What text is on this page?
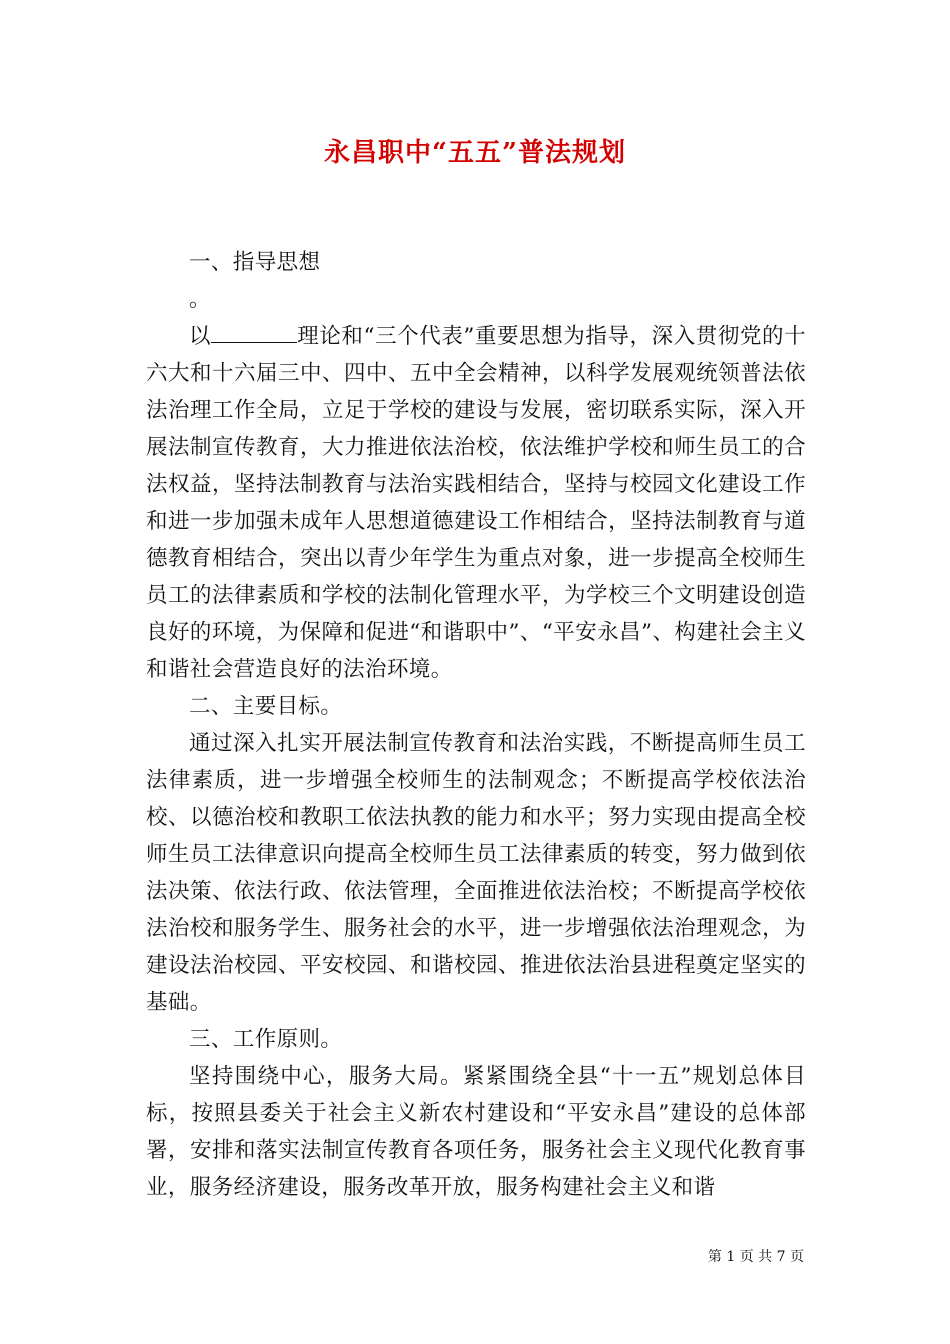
永昌职中“五五”普法规划

一、指导思想

。

以	理论和“三个代表”重要思想为指导，深入贯彻党的十六大和十六届三中、四中、五中全会精神，以科学发展观统领普法依法治理工作全局，立足于学校的建设与发展，密切联系实际，深入开展法制宣传教育，大力推进依法治校，依法维护学校和师生员工的合法权益，坚持法制教育与法治实践相结合，坚持与校园文化建设工作和进一步加强未成年人思想道德建设工作相结合，坚持法制教育与道德教育相结合，突出以青少年学生为重点对象，进一步提高全校师生员工的法律素质和学校的法制化管理水平，为学校三个文明建设创造良好的环境，为保障和促进“和谐职中”、“平安永昌”、构建社会主义和谐社会营造良好的法治环境。

二、主要目标。

通过深入扎实开展法制宣传教育和法治实践，不断提高师生员工法律素质，进一步增强全校师生的法制观念；不断提高学校依法治校、以德治校和教职工依法执教的能力和水平；努力实现由提高全校师生员工法律意识向提高全校师生员工法律素质的转变，努力做到依法决策、依法行政、依法管理，全面推进依法治校；不断提高学校依法治校和服务学生、服务社会的水平，进一步增强依法治理观念，为建设法治校园、平安校园、和谐校园、推进依法治县进程奠定坚实的基础。

三、工作原则。

坚持围绕中心，服务大局。紧紧围绕全县“十一五”规划总体目标，按照县委关于社会主义新农村建设和“平安永昌”建设的总体部署，安排和落实法制宣传教育各项任务，服务社会主义现代化教育事业，服务经济建设，服务改革开放，服务构建社会主义和谐

第 1 页 共 7 页
